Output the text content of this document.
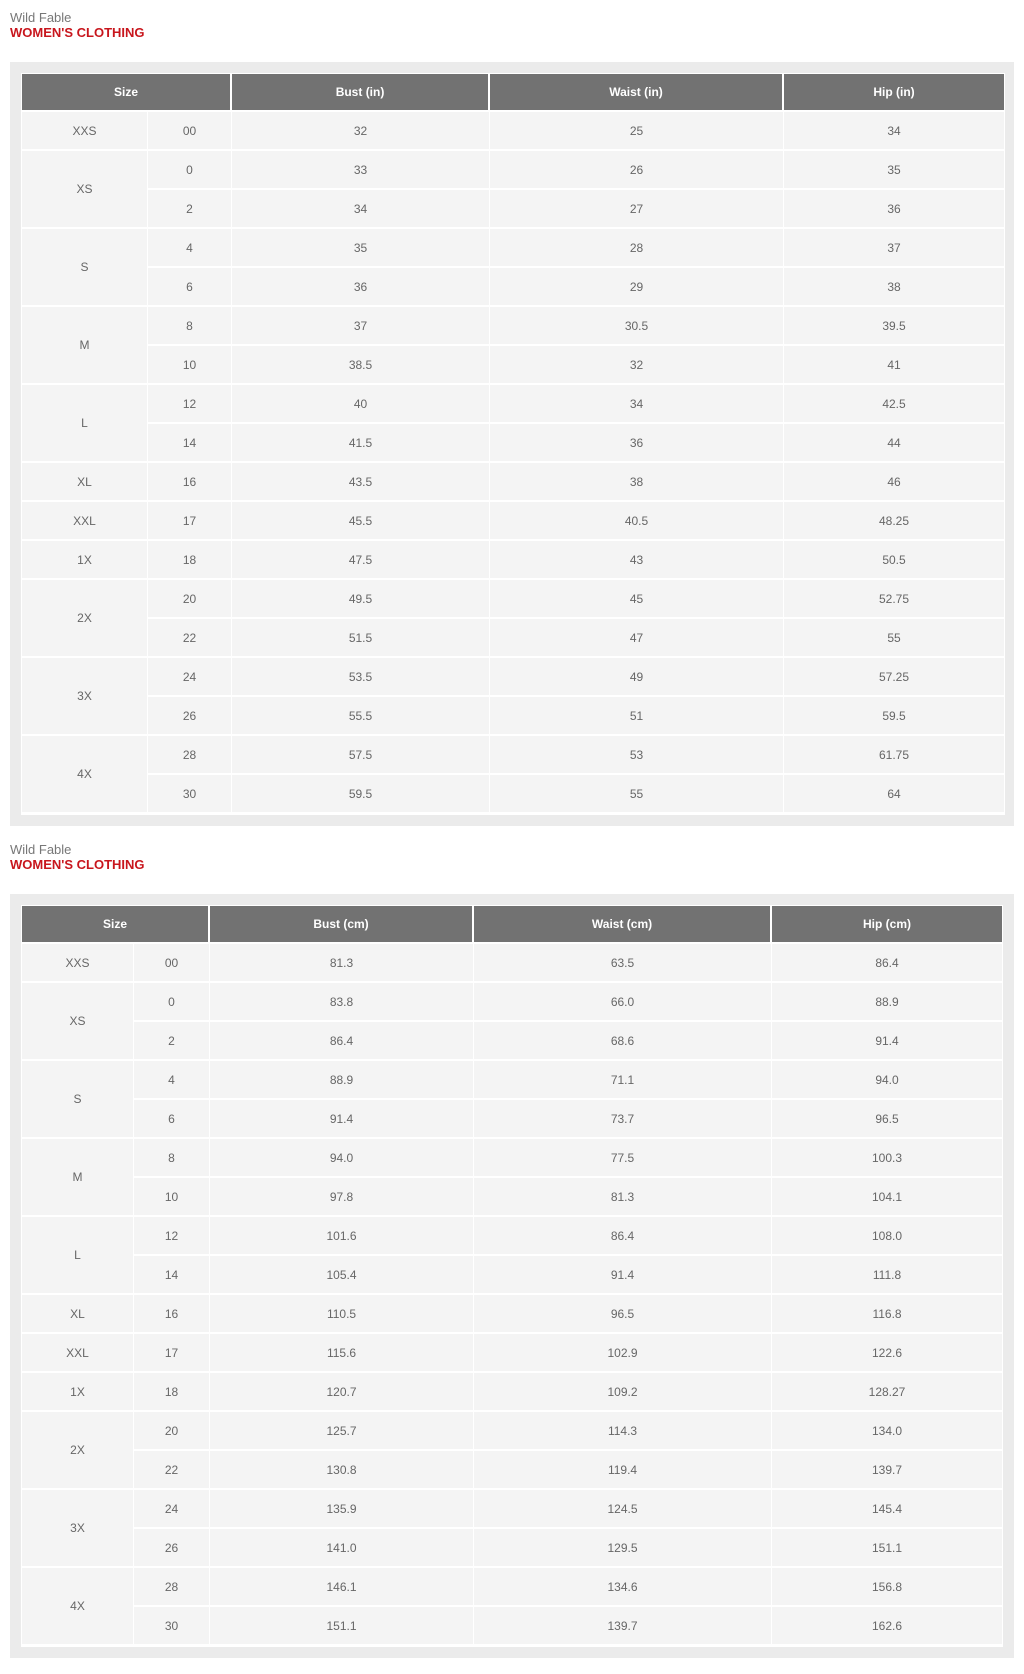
Wild Fable
WOMEN'S CLOTHING
Size		Bust (in)	Waist (in)	Hip (in)
XXS	00	32	25	34
XS	0	33	26	35
	2	34	27	36
S	4	35	28	37
	6	36	29	38
M	8	37	30.5	39.5
	10	38.5	32	41
L	12	40	34	42.5
	14	41.5	36	44
XL	16	43.5	38	46
XXL	17	45.5	40.5	48.25
1X	18	47.5	43	50.5
2X	20	49.5	45	52.75
	22	51.5	47	55
3X	24	53.5	49	57.25
	26	55.5	51	59.5
4X	28	57.5	53	61.75
	30	59.5	55	64
Wild Fable
WOMEN'S CLOTHING
Size		Bust (cm)	Waist (cm)	Hip (cm)
XXS	00	81.3	63.5	86.4
XS	0	83.8	66.0	88.9
	2	86.4	68.6	91.4
S	4	88.9	71.1	94.0
	6	91.4	73.7	96.5
M	8	94.0	77.5	100.3
	10	97.8	81.3	104.1
L	12	101.6	86.4	108.0
	14	105.4	91.4	111.8
XL	16	110.5	96.5	116.8
XXL	17	115.6	102.9	122.6
1X	18	120.7	109.2	128.27
2X	20	125.7	114.3	134.0
	22	130.8	119.4	139.7
3X	24	135.9	124.5	145.4
	26	141.0	129.5	151.1
4X	28	146.1	134.6	156.8
	30	151.1	139.7	162.6
